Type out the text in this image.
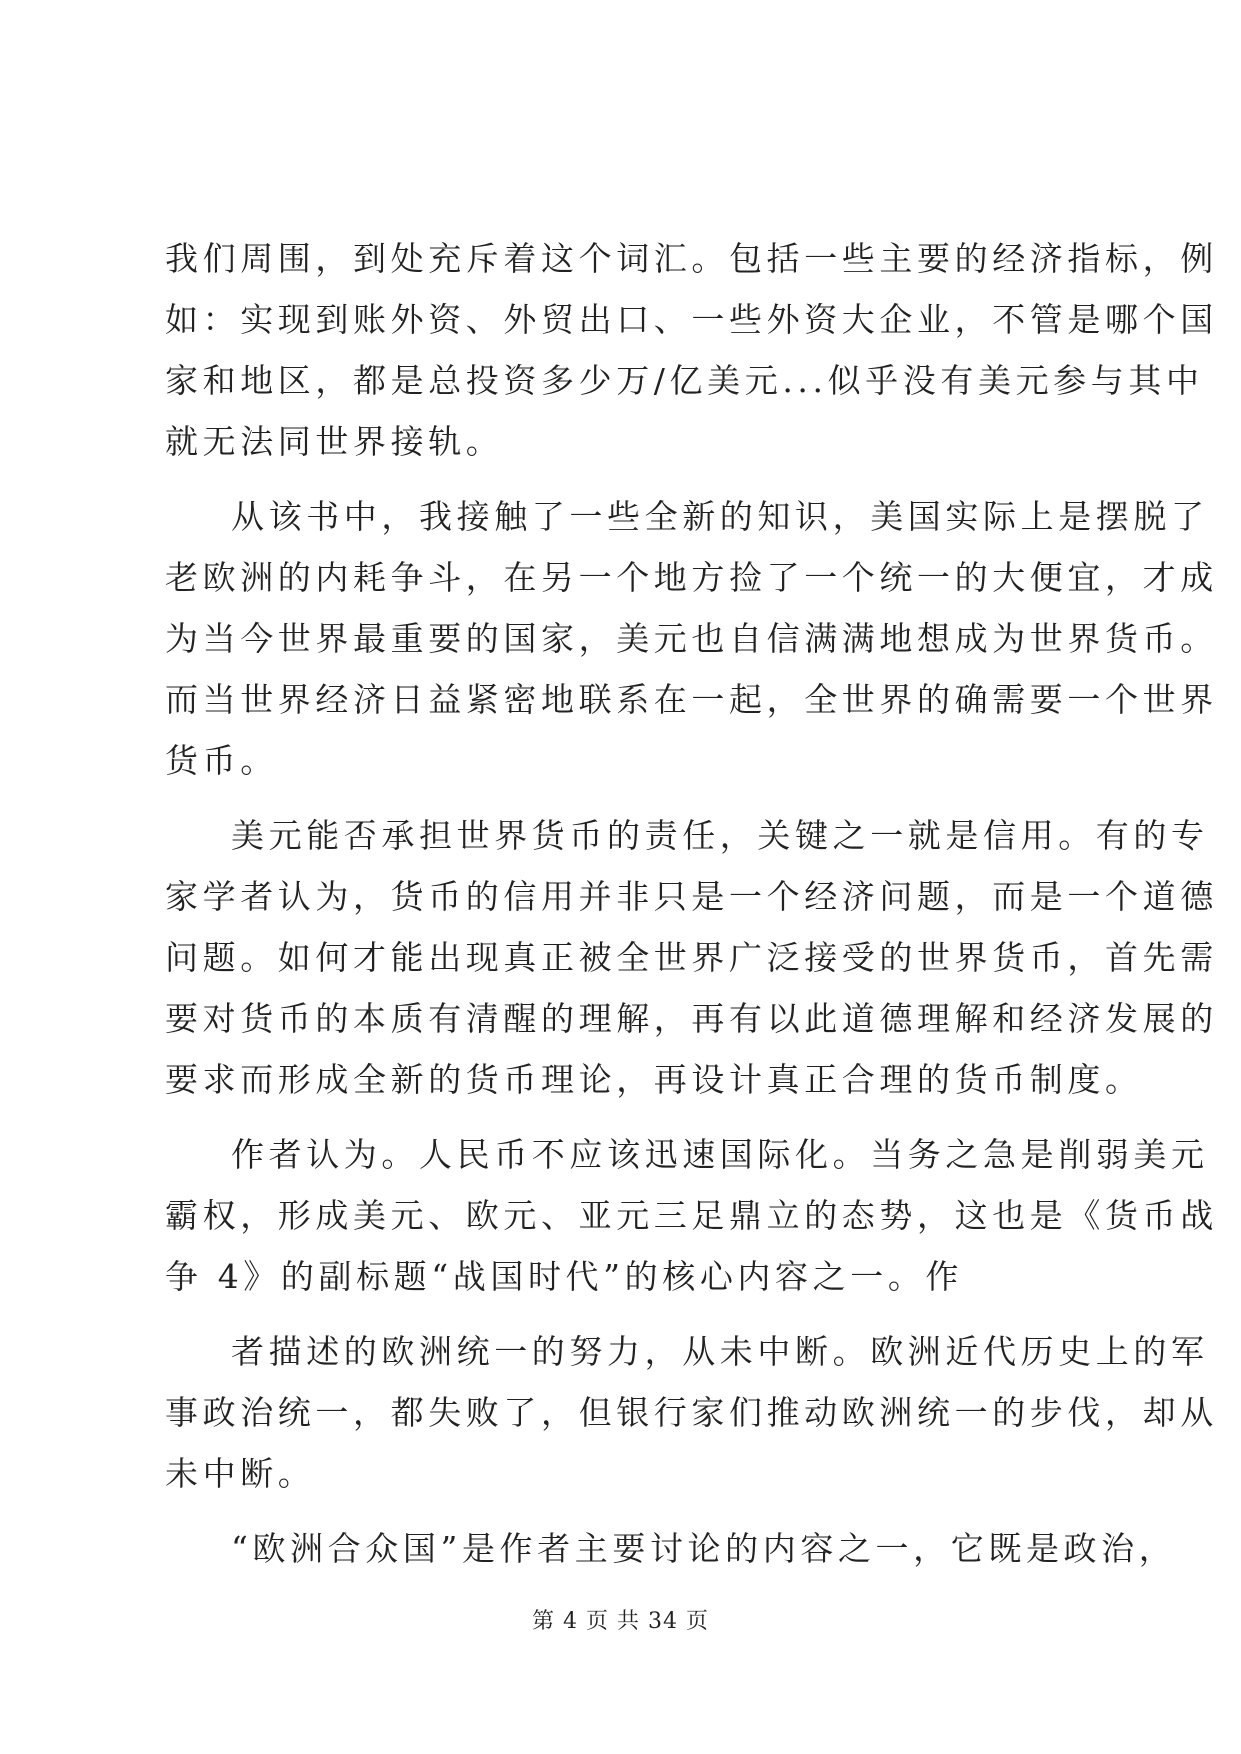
我们周围，到处充斥着这个词汇。包括一些主要的经济指标，例
如：实现到账外资、外贸出口、一些外资大企业，不管是哪个国
家和地区，都是总投资多少万/亿美元...似乎没有美元参与其中
就无法同世界接轨。
从该书中，我接触了一些全新的知识，美国实际上是摆脱了
老欧洲的内耗争斗，在另一个地方捡了一个统一的大便宜，才成
为当今世界最重要的国家，美元也自信满满地想成为世界货币。
而当世界经济日益紧密地联系在一起，全世界的确需要一个世界
货币。
美元能否承担世界货币的责任，关键之一就是信用。有的专
家学者认为，货币的信用并非只是一个经济问题，而是一个道德
问题。如何才能出现真正被全世界广泛接受的世界货币，首先需
要对货币的本质有清醒的理解，再有以此道德理解和经济发展的
要求而形成全新的货币理论，再设计真正合理的货币制度。
作者认为。人民币不应该迅速国际化。当务之急是削弱美元
霸权，形成美元、欧元、亚元三足鼎立的态势，这也是《货币战
争 4》的副标题“战国时代”的核心内容之一。作
者描述的欧洲统一的努力，从未中断。欧洲近代历史上的军
事政治统一，都失败了，但银行家们推动欧洲统一的步伐，却从
未中断。
“欧洲合众国”是作者主要讨论的内容之一，它既是政治，
第 4 页 共 34 页
